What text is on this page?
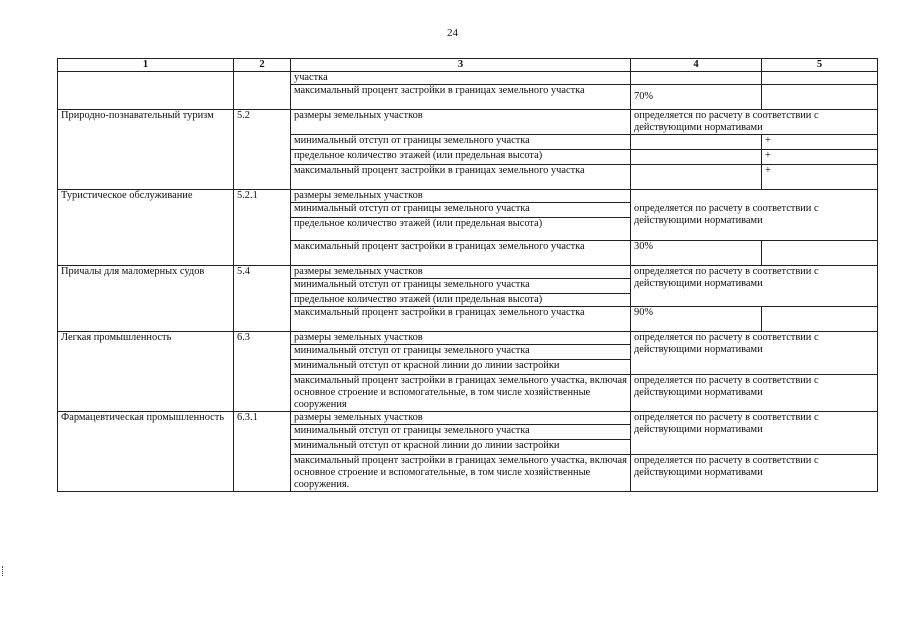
24
1	2	3	4	5
		участка		
		максимальный процент застройки в границах земельного участка	70%	
Природно-познавательный туризм	5.2	размеры земельных участков	определяется по расчету в соответствии с действующими нормативами	
		минимальный отступ от границы земельного участка		+
		предельное количество этажей (или предельная высота)		+
		максимальный процент застройки в границах земельного участка		+
Туристическое обслуживание	5.2.1	размеры земельных участков	определяется по расчету в соответствии с действующими нормативами	
		минимальный отступ от границы земельного участка		
		предельное количество этажей (или предельная высота)		
		максимальный процент застройки в границах земельного участка	30%	
Причалы для маломерных судов	5.4	размеры земельных участков	определяется по расчету в соответствии с действующими нормативами	
		минимальный отступ от границы земельного участка		
		предельное количество этажей (или предельная высота)		
		максимальный процент застройки в границах земельного участка	90%	
Легкая промышленность	6.3	размеры земельных участков	определяется по расчету в соответствии с действующими нормативами	
		минимальный отступ от границы земельного участка		
		минимальный отступ от красной линии до линии застройки		
		максимальный процент застройки в границах земельного участка, включая основное строение и вспомогательные, в том числе хозяйственные сооружения	определяется по расчету в соответствии с действующими нормативами	
Фармацевтическая промышленность	6.3.1	размеры земельных участков	определяется по расчету в соответствии с действующими нормативами	
		минимальный отступ от границы земельного участка		
		минимальный отступ от красной линии до линии застройки		
		максимальный процент застройки в границах земельного участка, включая основное строение и вспомогательные, в том числе хозяйственные сооружения.	определяется по расчету в соответствии с действующими нормативами	
